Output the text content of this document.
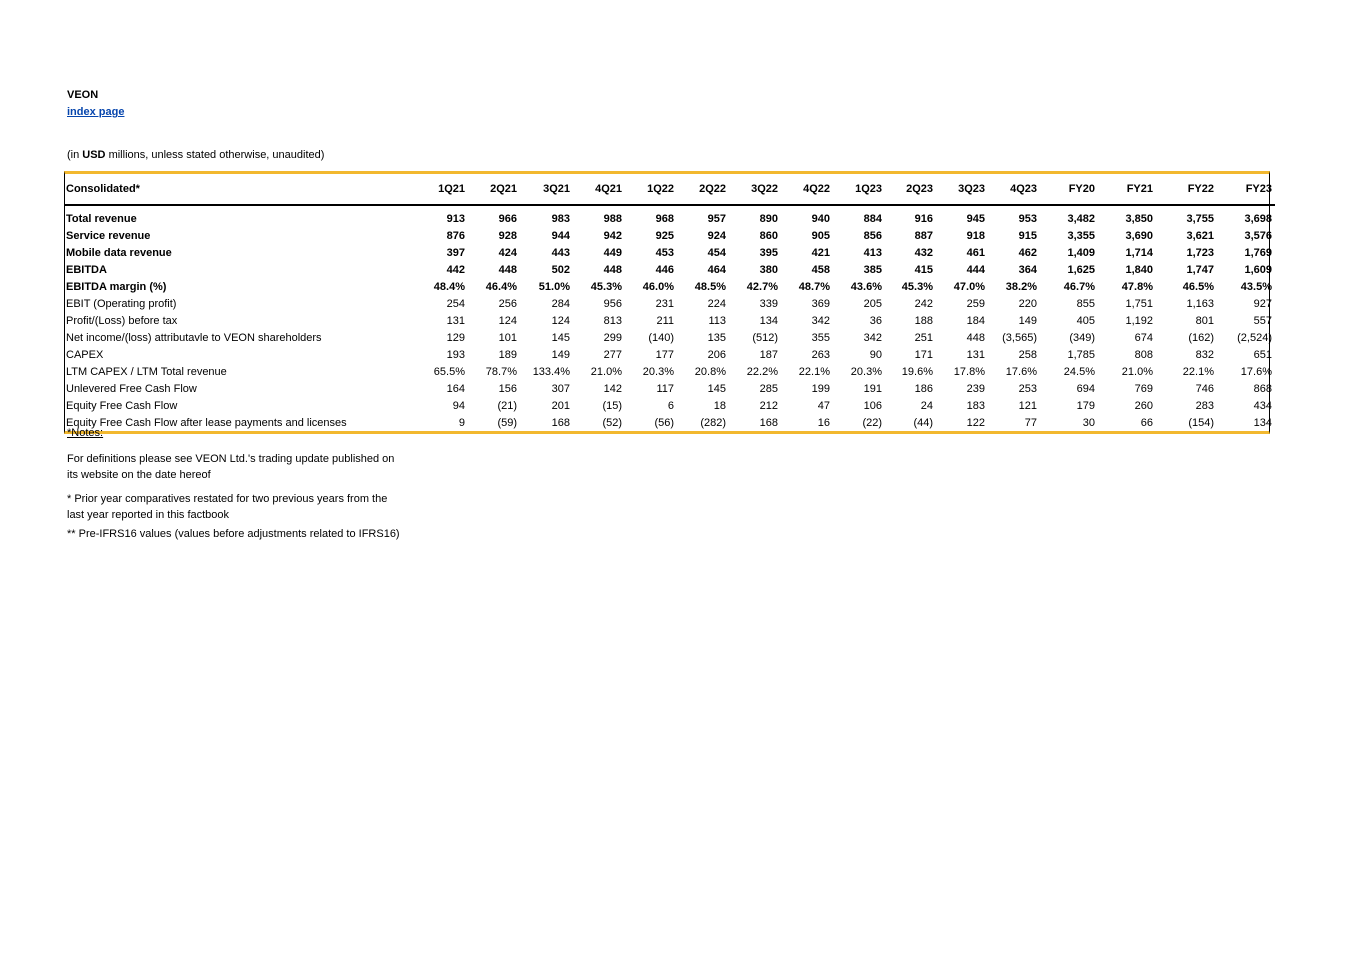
VEON
index page
(in USD millions, unless stated otherwise, unaudited)
Consolidated*	1Q21	2Q21	3Q21	4Q21	1Q22	2Q22	3Q22	4Q22	1Q23	2Q23	3Q23	4Q23	FY20	FY21	FY22	FY23
Total revenue	913	966	983	988	968	957	890	940	884	916	945	953	3,482	3,850	3,755	3,698
Service revenue	876	928	944	942	925	924	860	905	856	887	918	915	3,355	3,690	3,621	3,576
Mobile data revenue	397	424	443	449	453	454	395	421	413	432	461	462	1,409	1,714	1,723	1,769
EBITDA	442	448	502	448	446	464	380	458	385	415	444	364	1,625	1,840	1,747	1,609
EBITDA margin (%)	48.4%	46.4%	51.0%	45.3%	46.0%	48.5%	42.7%	48.7%	43.6%	45.3%	47.0%	38.2%	46.7%	47.8%	46.5%	43.5%
EBIT (Operating profit)	254	256	284	956	231	224	339	369	205	242	259	220	855	1,751	1,163	927
Profit/(Loss) before tax	131	124	124	813	211	113	134	342	36	188	184	149	405	1,192	801	557
Net income/(loss) attributavle to VEON shareholders	129	101	145	299	(140)	135	(512)	355	342	251	448	(3,565)	(349)	674	(162)	(2,524)
CAPEX	193	189	149	277	177	206	187	263	90	171	131	258	1,785	808	832	651
LTM CAPEX / LTM Total revenue	65.5%	78.7%	133.4%	21.0%	20.3%	20.8%	22.2%	22.1%	20.3%	19.6%	17.8%	17.6%	24.5%	21.0%	22.1%	17.6%
Unlevered Free Cash Flow	164	156	307	142	117	145	285	199	191	186	239	253	694	769	746	868
Equity Free Cash Flow	94	(21)	201	(15)	6	18	212	47	106	24	183	121	179	260	283	434
Equity Free Cash Flow after lease payments and licenses	9	(59)	168	(52)	(56)	(282)	168	16	(22)	(44)	122	77	30	66	(154)	134
*Notes:
For definitions please see VEON Ltd.'s trading update published on its website on the date hereof
* Prior year comparatives restated for two previous years from the last year reported in this factbook
** Pre-IFRS16 values (values before adjustments related to IFRS16)
